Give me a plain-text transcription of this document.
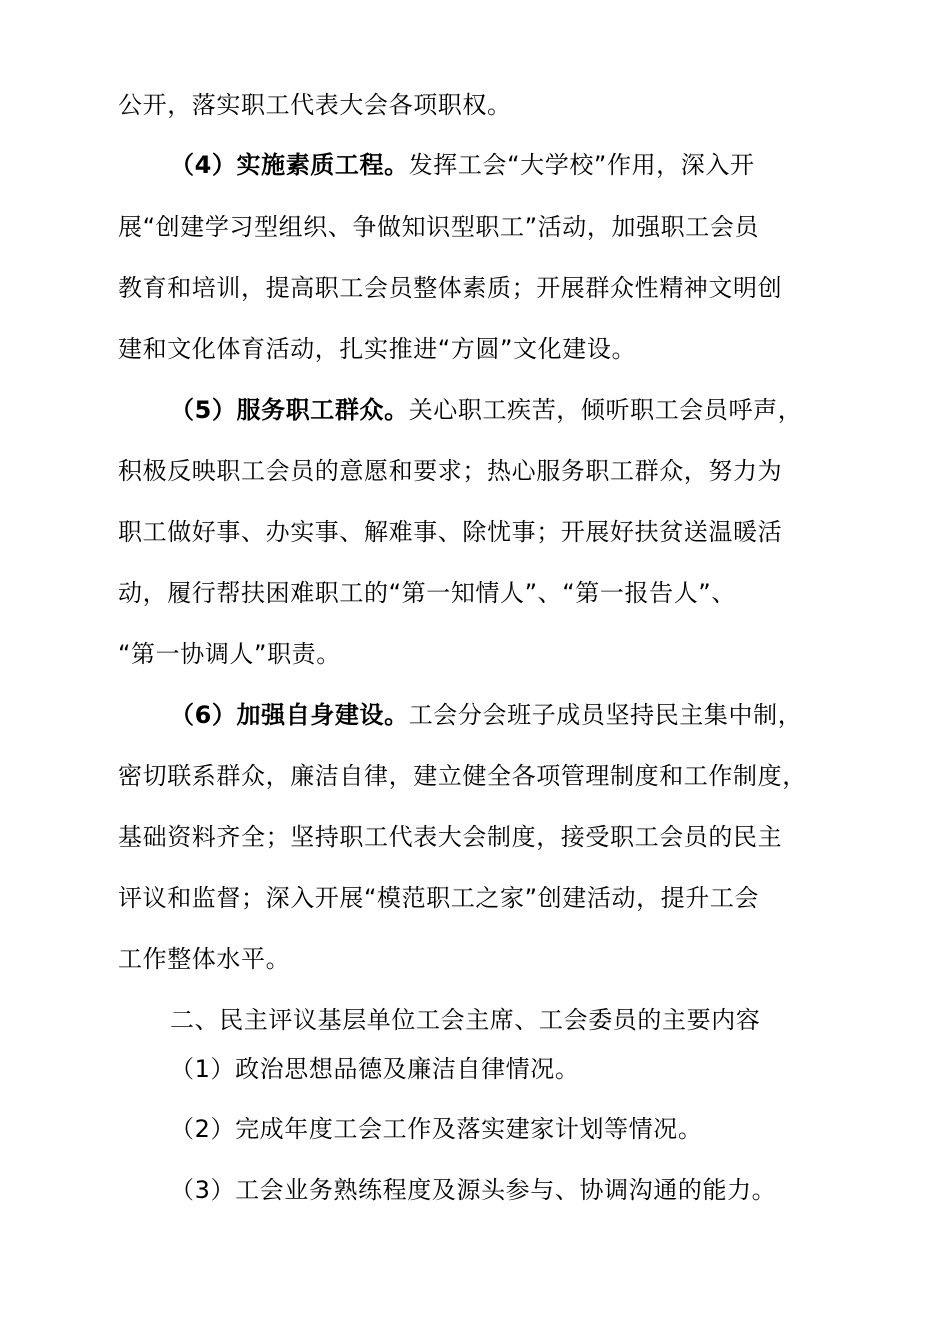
公开，落实职工代表大会各项职权。
（4）实施素质工程。发挥工会“大学校”作用，深入开
展“创建学习型组织、争做知识型职工”活动，加强职工会员
教育和培训，提高职工会员整体素质；开展群众性精神文明创
建和文化体育活动，扎实推进“方圆”文化建设。
（5）服务职工群众。关心职工疾苦，倾听职工会员呼声，
积极反映职工会员的意愿和要求；热心服务职工群众，努力为
职工做好事、办实事、解难事、除忧事；开展好扶贫送温暖活
动，履行帮扶困难职工的“第一知情人”、“第一报告人”、
“第一协调人”职责。
（6）加强自身建设。工会分会班子成员坚持民主集中制，
密切联系群众，廉洁自律，建立健全各项管理制度和工作制度，
基础资料齐全；坚持职工代表大会制度，接受职工会员的民主
评议和监督；深入开展“模范职工之家”创建活动，提升工会
工作整体水平。
二、民主评议基层单位工会主席、工会委员的主要内容
（1）政治思想品德及廉洁自律情况。
（2）完成年度工会工作及落实建家计划等情况。
（3）工会业务熟练程度及源头参与、协调沟通的能力。
